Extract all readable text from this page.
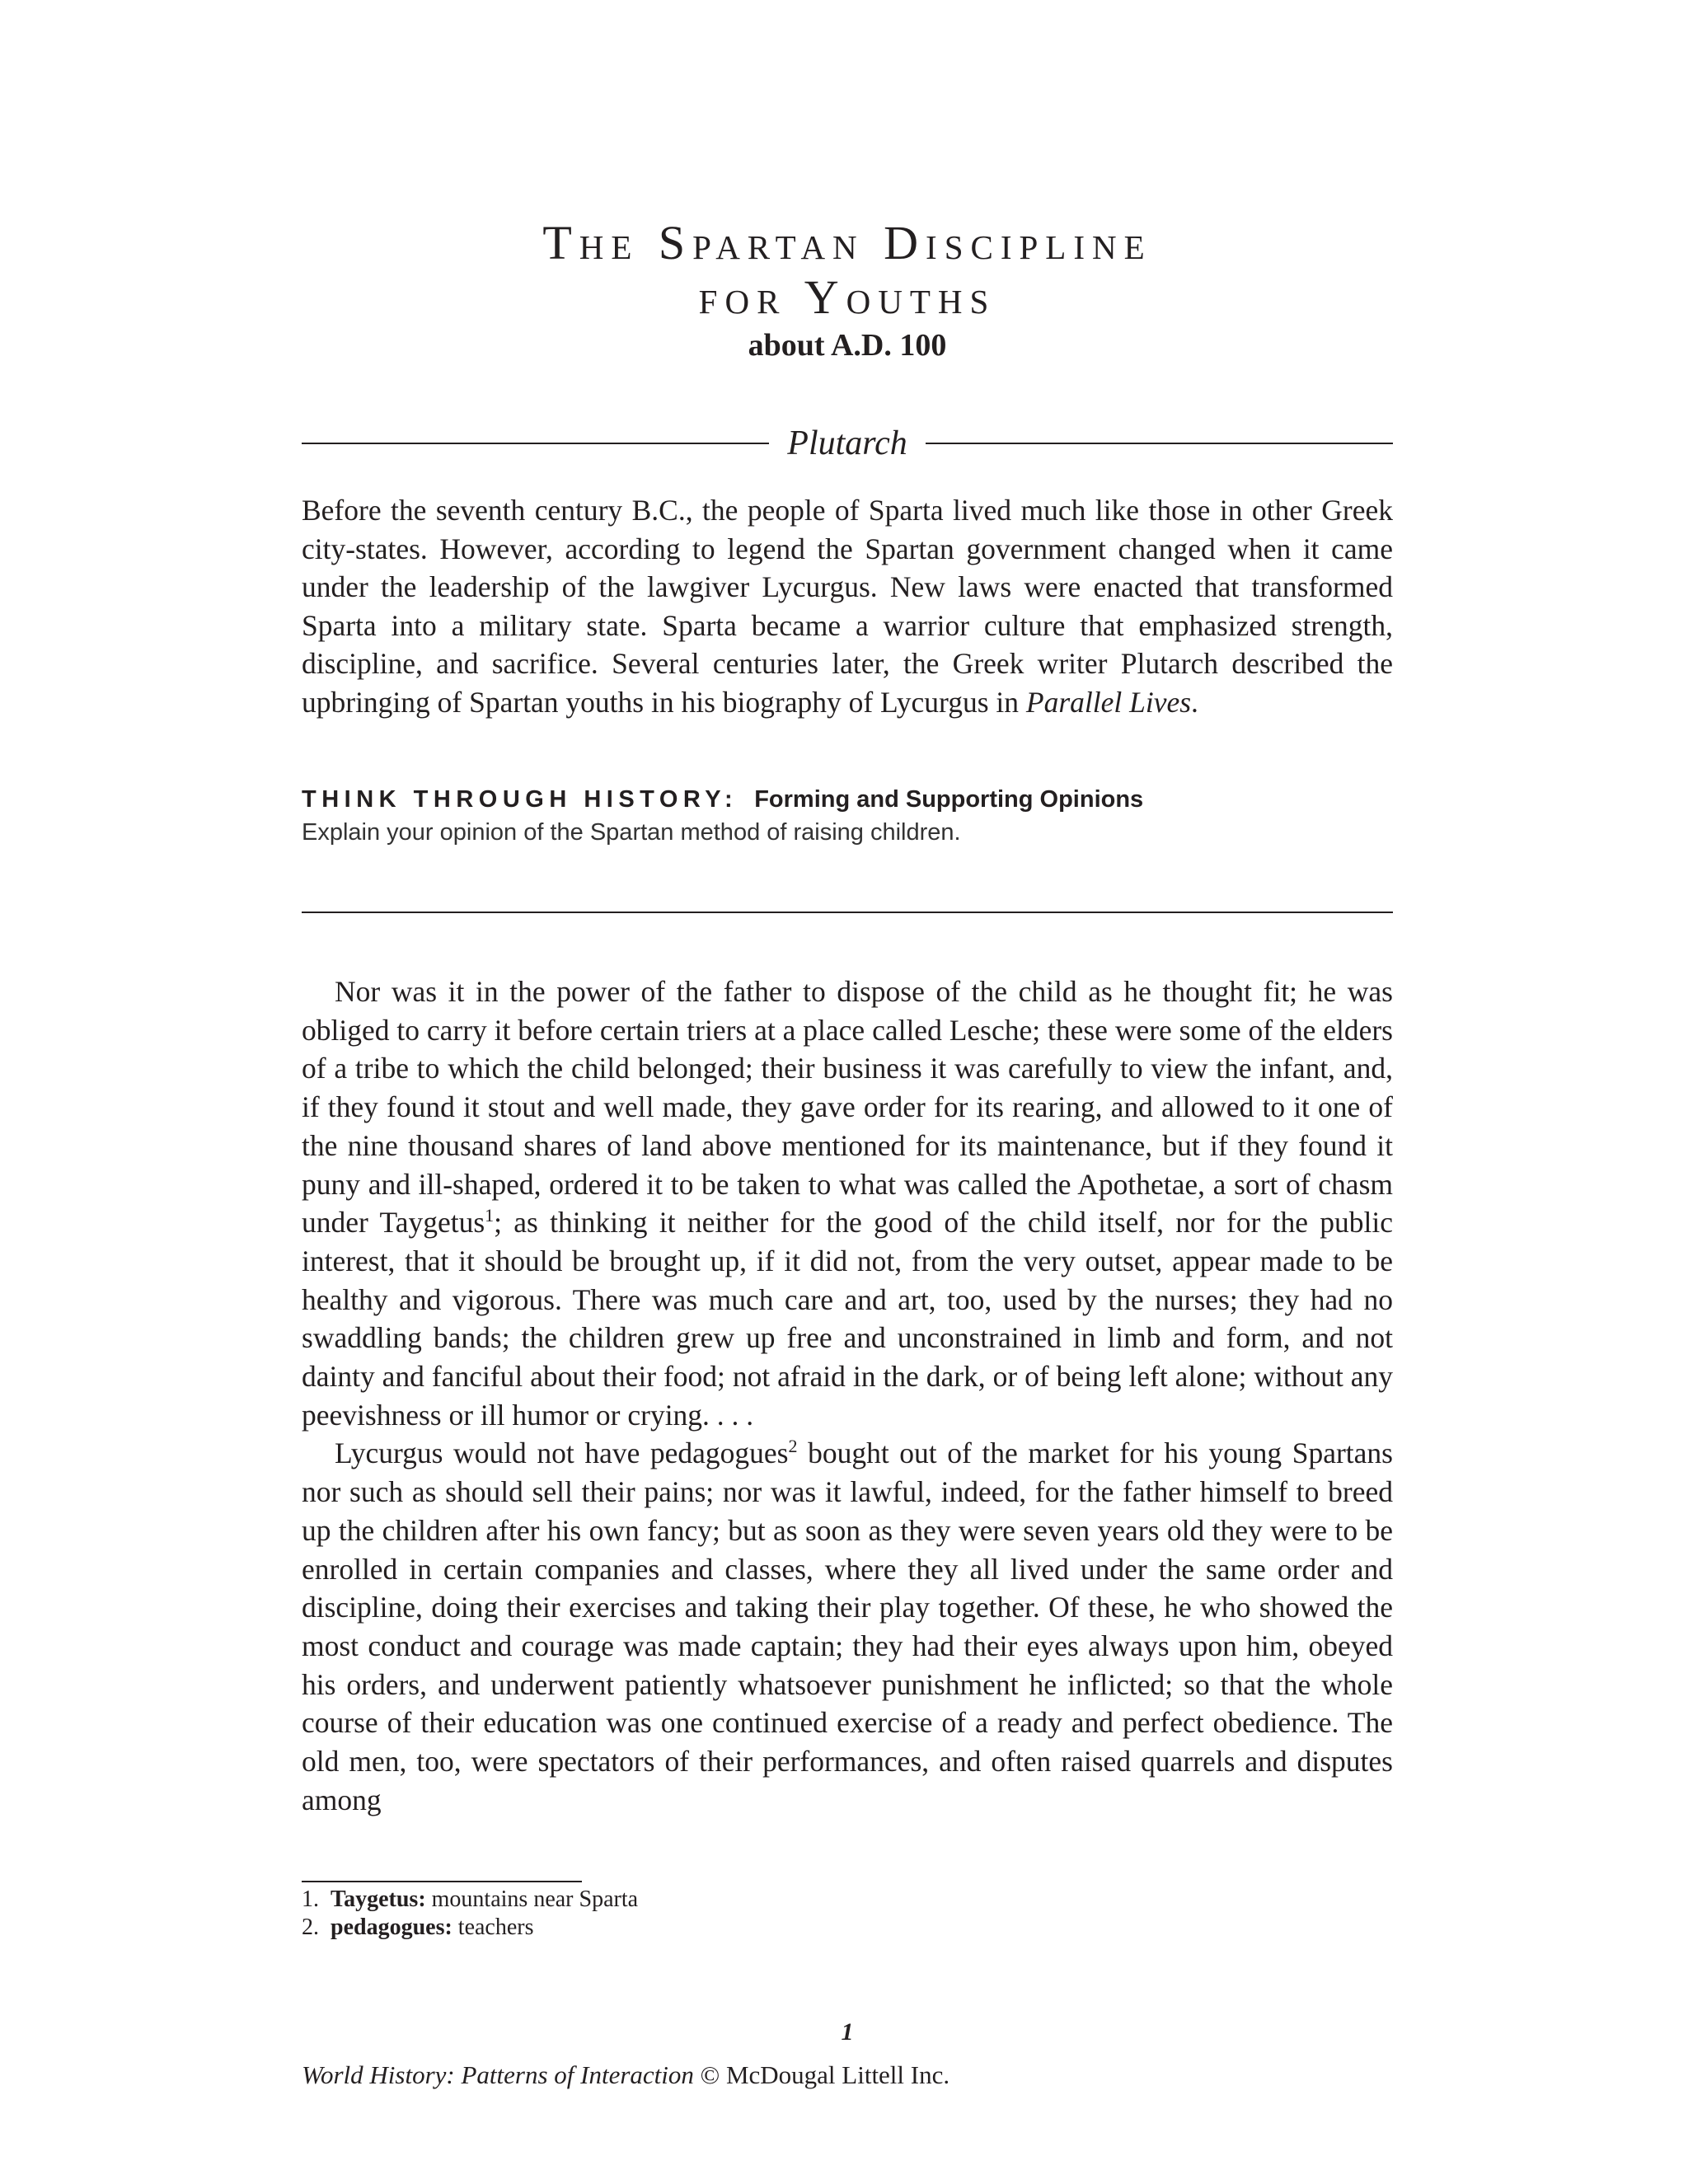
The Spartan Discipline
for Youths
about A.D. 100
Plutarch

Before the seventh century B.C., the people of Sparta lived much like those in other Greek city-states. However, according to legend the Spartan government changed when it came under the leadership of the lawgiver Lycurgus. New laws were enacted that transformed Sparta into a military state. Sparta became a warrior culture that emphasized strength, discipline, and sacrifice. Several centuries later, the Greek writer Plutarch described the upbringing of Spartan youths in his biography of Lycurgus in Parallel Lives.

THINK THROUGH HISTORY: Forming and Supporting Opinions
Explain your opinion of the Spartan method of raising children.

Nor was it in the power of the father to dispose of the child as he thought fit; he was obliged to carry it before certain triers at a place called Lesche; these were some of the elders of a tribe to which the child belonged; their business it was carefully to view the infant, and, if they found it stout and well made, they gave order for its rearing, and allowed to it one of the nine thousand shares of land above mentioned for its maintenance, but if they found it puny and ill-shaped, ordered it to be taken to what was called the Apothetae, a sort of chasm under Taygetus$^1$; as thinking it neither for the good of the child itself, nor for the public interest, that it should be brought up, if it did not, from the very outset, appear made to be healthy and vigorous. There was much care and art, too, used by the nurses; they had no swaddling bands; the children grew up free and unconstrained in limb and form, and not dainty and fanciful about their food; not afraid in the dark, or of being left alone; without any peevishness or ill humor or crying. . . .

Lycurgus would not have pedagogues$^2$ bought out of the market for his young Spartans nor such as should sell their pains; nor was it lawful, indeed, for the father himself to breed up the children after his own fancy; but as soon as they were seven years old they were to be enrolled in certain companies and classes, where they all lived under the same order and discipline, doing their exercises and taking their play together. Of these, he who showed the most conduct and courage was made captain; they had their eyes always upon him, obeyed his orders, and underwent patiently whatsoever punishment he inflicted; so that the whole course of their education was one continued exercise of a ready and perfect obedience. The old men, too, were spectators of their performances, and often raised quarrels and disputes among

1. Taygetus: mountains near Sparta

2. pedagogues: teachers

1
World History: Patterns of Interaction © McDougal Littell Inc.
